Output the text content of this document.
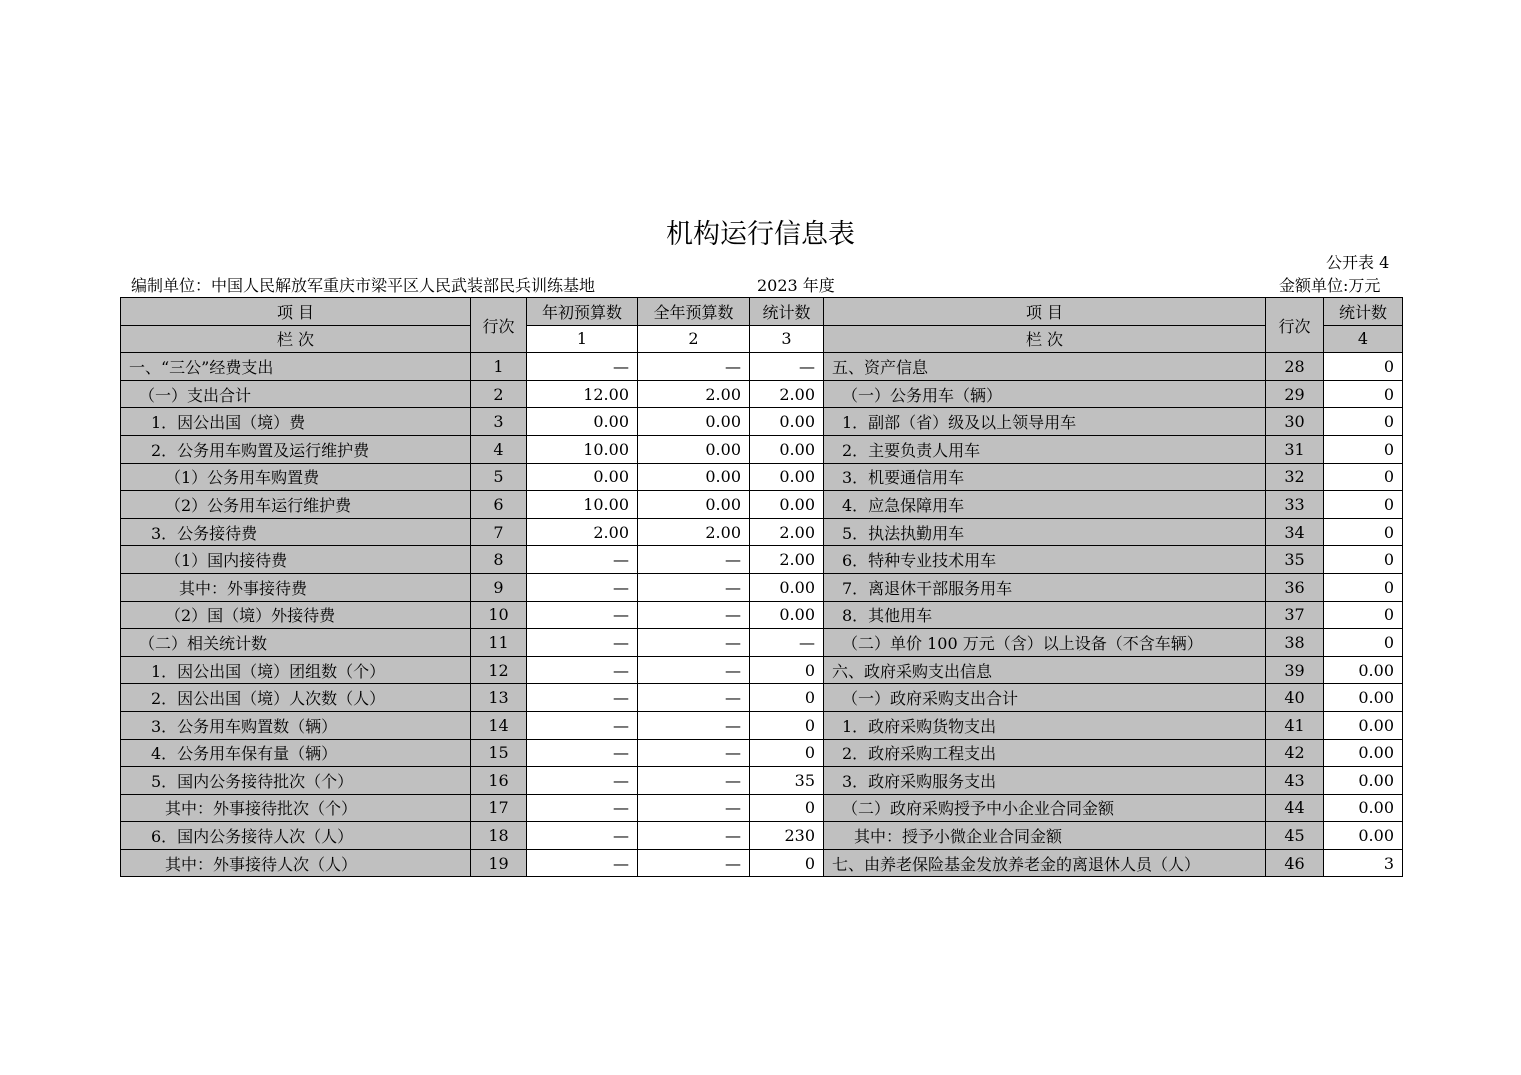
机构运行信息表
公开表 4
编制单位：中国人民解放军重庆市梁平区人民武装部民兵训练基地	2023 年度	金额单位:万元
项 目	行次	年初预算数	全年预算数	统计数	项 目	行次	统计数
栏 次		1	2	3	栏 次		4
一、“三公”经费支出	1	—	—	—	五、资产信息	28	0
（一）支出合计	2	12.00	2.00	2.00	（一）公务用车（辆）	29	0
1．因公出国（境）费	3	0.00	0.00	0.00	1．副部（省）级及以上领导用车	30	0
2．公务用车购置及运行维护费	4	10.00	0.00	0.00	2．主要负责人用车	31	0
（1）公务用车购置费	5	0.00	0.00	0.00	3．机要通信用车	32	0
（2）公务用车运行维护费	6	10.00	0.00	0.00	4．应急保障用车	33	0
3．公务接待费	7	2.00	2.00	2.00	5．执法执勤用车	34	0
（1）国内接待费	8	—	—	2.00	6．特种专业技术用车	35	0
其中：外事接待费	9	—	—	0.00	7．离退休干部服务用车	36	0
（2）国（境）外接待费	10	—	—	0.00	8．其他用车	37	0
（二）相关统计数	11	—	—	—	（二）单价 100 万元（含）以上设备（不含车辆）	38	0
1．因公出国（境）团组数（个）	12	—	—	0	六、政府采购支出信息	39	0.00
2．因公出国（境）人次数（人）	13	—	—	0	（一）政府采购支出合计	40	0.00
3．公务用车购置数（辆）	14	—	—	0	1．政府采购货物支出	41	0.00
4．公务用车保有量（辆）	15	—	—	0	2．政府采购工程支出	42	0.00
5．国内公务接待批次（个）	16	—	—	35	3．政府采购服务支出	43	0.00
其中：外事接待批次（个）	17	—	—	0	（二）政府采购授予中小企业合同金额	44	0.00
6．国内公务接待人次（人）	18	—	—	230	其中：授予小微企业合同金额	45	0.00
其中：外事接待人次（人）	19	—	—	0	七、由养老保险基金发放养老金的离退休人员（人）	46	3
